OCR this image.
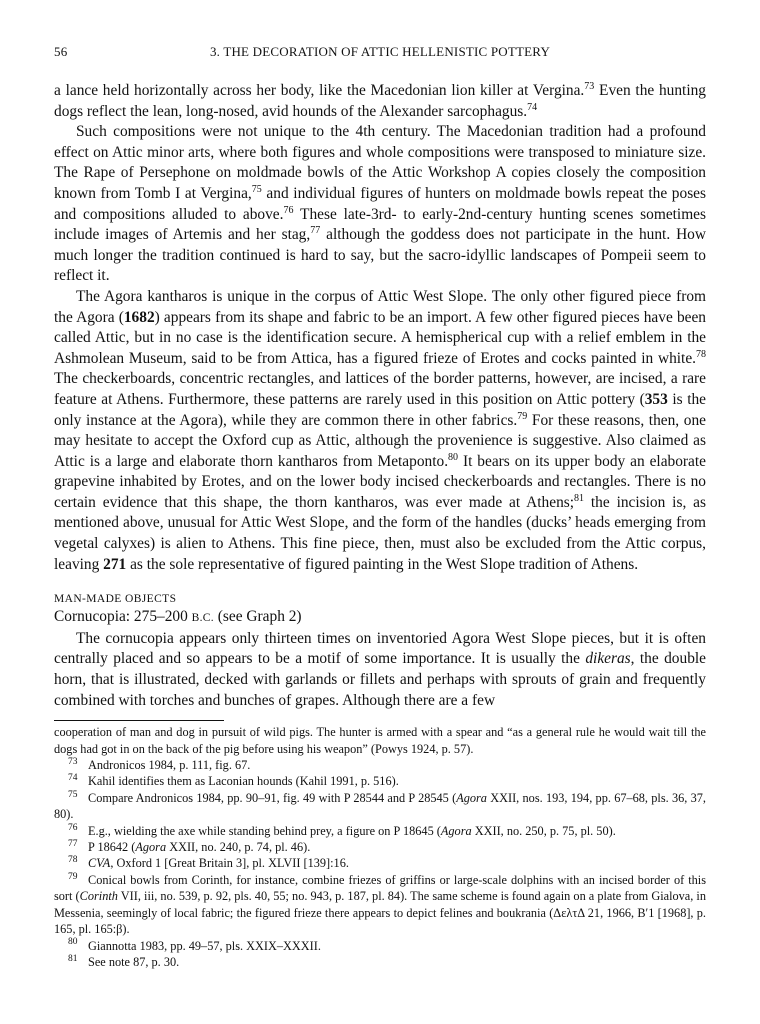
56	3. THE DECORATION OF ATTIC HELLENISTIC POTTERY

a lance held horizontally across her body, like the Macedonian lion killer at Vergina.$^{73}$ Even the hunting dogs reflect the lean, long-nosed, avid hounds of the Alexander sarcophagus.$^{74}$

Such compositions were not unique to the 4th century. The Macedonian tradition had a profound effect on Attic minor arts, where both figures and whole compositions were transposed to miniature size. The Rape of Persephone on moldmade bowls of the Attic Workshop A copies closely the composition known from Tomb I at Vergina,$^{75}$ and individual figures of hunters on moldmade bowls repeat the poses and compositions alluded to above.$^{76}$ These late-3rd- to early-2nd-century hunting scenes sometimes include images of Artemis and her stag,$^{77}$ although the goddess does not participate in the hunt. How much longer the tradition continued is hard to say, but the sacro-idyllic landscapes of Pompeii seem to reflect it.

The Agora kantharos is unique in the corpus of Attic West Slope. The only other figured piece from the Agora (1682) appears from its shape and fabric to be an import. A few other figured pieces have been called Attic, but in no case is the identification secure. A hemispherical cup with a relief emblem in the Ashmolean Museum, said to be from Attica, has a figured frieze of Erotes and cocks painted in white.$^{78}$ The checkerboards, concentric rectangles, and lattices of the border patterns, however, are incised, a rare feature at Athens. Furthermore, these patterns are rarely used in this position on Attic pottery (353 is the only instance at the Agora), while they are common there in other fabrics.$^{79}$ For these reasons, then, one may hesitate to accept the Oxford cup as Attic, although the provenience is suggestive. Also claimed as Attic is a large and elaborate thorn kantharos from Metaponto.$^{80}$ It bears on its upper body an elaborate grapevine inhabited by Erotes, and on the lower body incised checkerboards and rectangles. There is no certain evidence that this shape, the thorn kantharos, was ever made at Athens;$^{81}$ the incision is, as mentioned above, unusual for Attic West Slope, and the form of the handles (ducks’ heads emerging from vegetal calyxes) is alien to Athens. This fine piece, then, must also be excluded from the Attic corpus, leaving 271 as the sole representative of figured painting in the West Slope tradition of Athens.

MAN-MADE OBJECTS
Cornucopia: 275–200 B.C. (see Graph 2)

The cornucopia appears only thirteen times on inventoried Agora West Slope pieces, but it is often centrally placed and so appears to be a motif of some importance. It is usually the dikeras, the double horn, that is illustrated, decked with garlands or fillets and perhaps with sprouts of grain and frequently combined with torches and bunches of grapes. Although there are a few

cooperation of man and dog in pursuit of wild pigs. The hunter is armed with a spear and “as a general rule he would wait till the dogs had got in on the back of the pig before using his weapon” (Powys 1924, p. 57).

73 Andronicos 1984, p. 111, fig. 67.

74 Kahil identifies them as Laconian hounds (Kahil 1991, p. 516).

75 Compare Andronicos 1984, pp. 90–91, fig. 49 with P 28544 and P 28545 (Agora XXII, nos. 193, 194, pp. 67–68, pls. 36, 37, 80).

76 E.g., wielding the axe while standing behind prey, a figure on P 18645 (Agora XXII, no. 250, p. 75, pl. 50).

77 P 18642 (Agora XXII, no. 240, p. 74, pl. 46).

78 CVA, Oxford 1 [Great Britain 3], pl. XLVII [139]:16.

79 Conical bowls from Corinth, for instance, combine friezes of griffins or large-scale dolphins with an incised border of this sort (Corinth VII, iii, no. 539, p. 92, pls. 40, 55; no. 943, p. 187, pl. 84). The same scheme is found again on a plate from Gialova, in Messenia, seemingly of local fabric; the figured frieze there appears to depict felines and boukrania (ΔελτΔ 21, 1966, B′1 [1968], p. 165, pl. 165:β).

80 Giannotta 1983, pp. 49–57, pls. XXIX–XXXII.

81 See note 87, p. 30.
